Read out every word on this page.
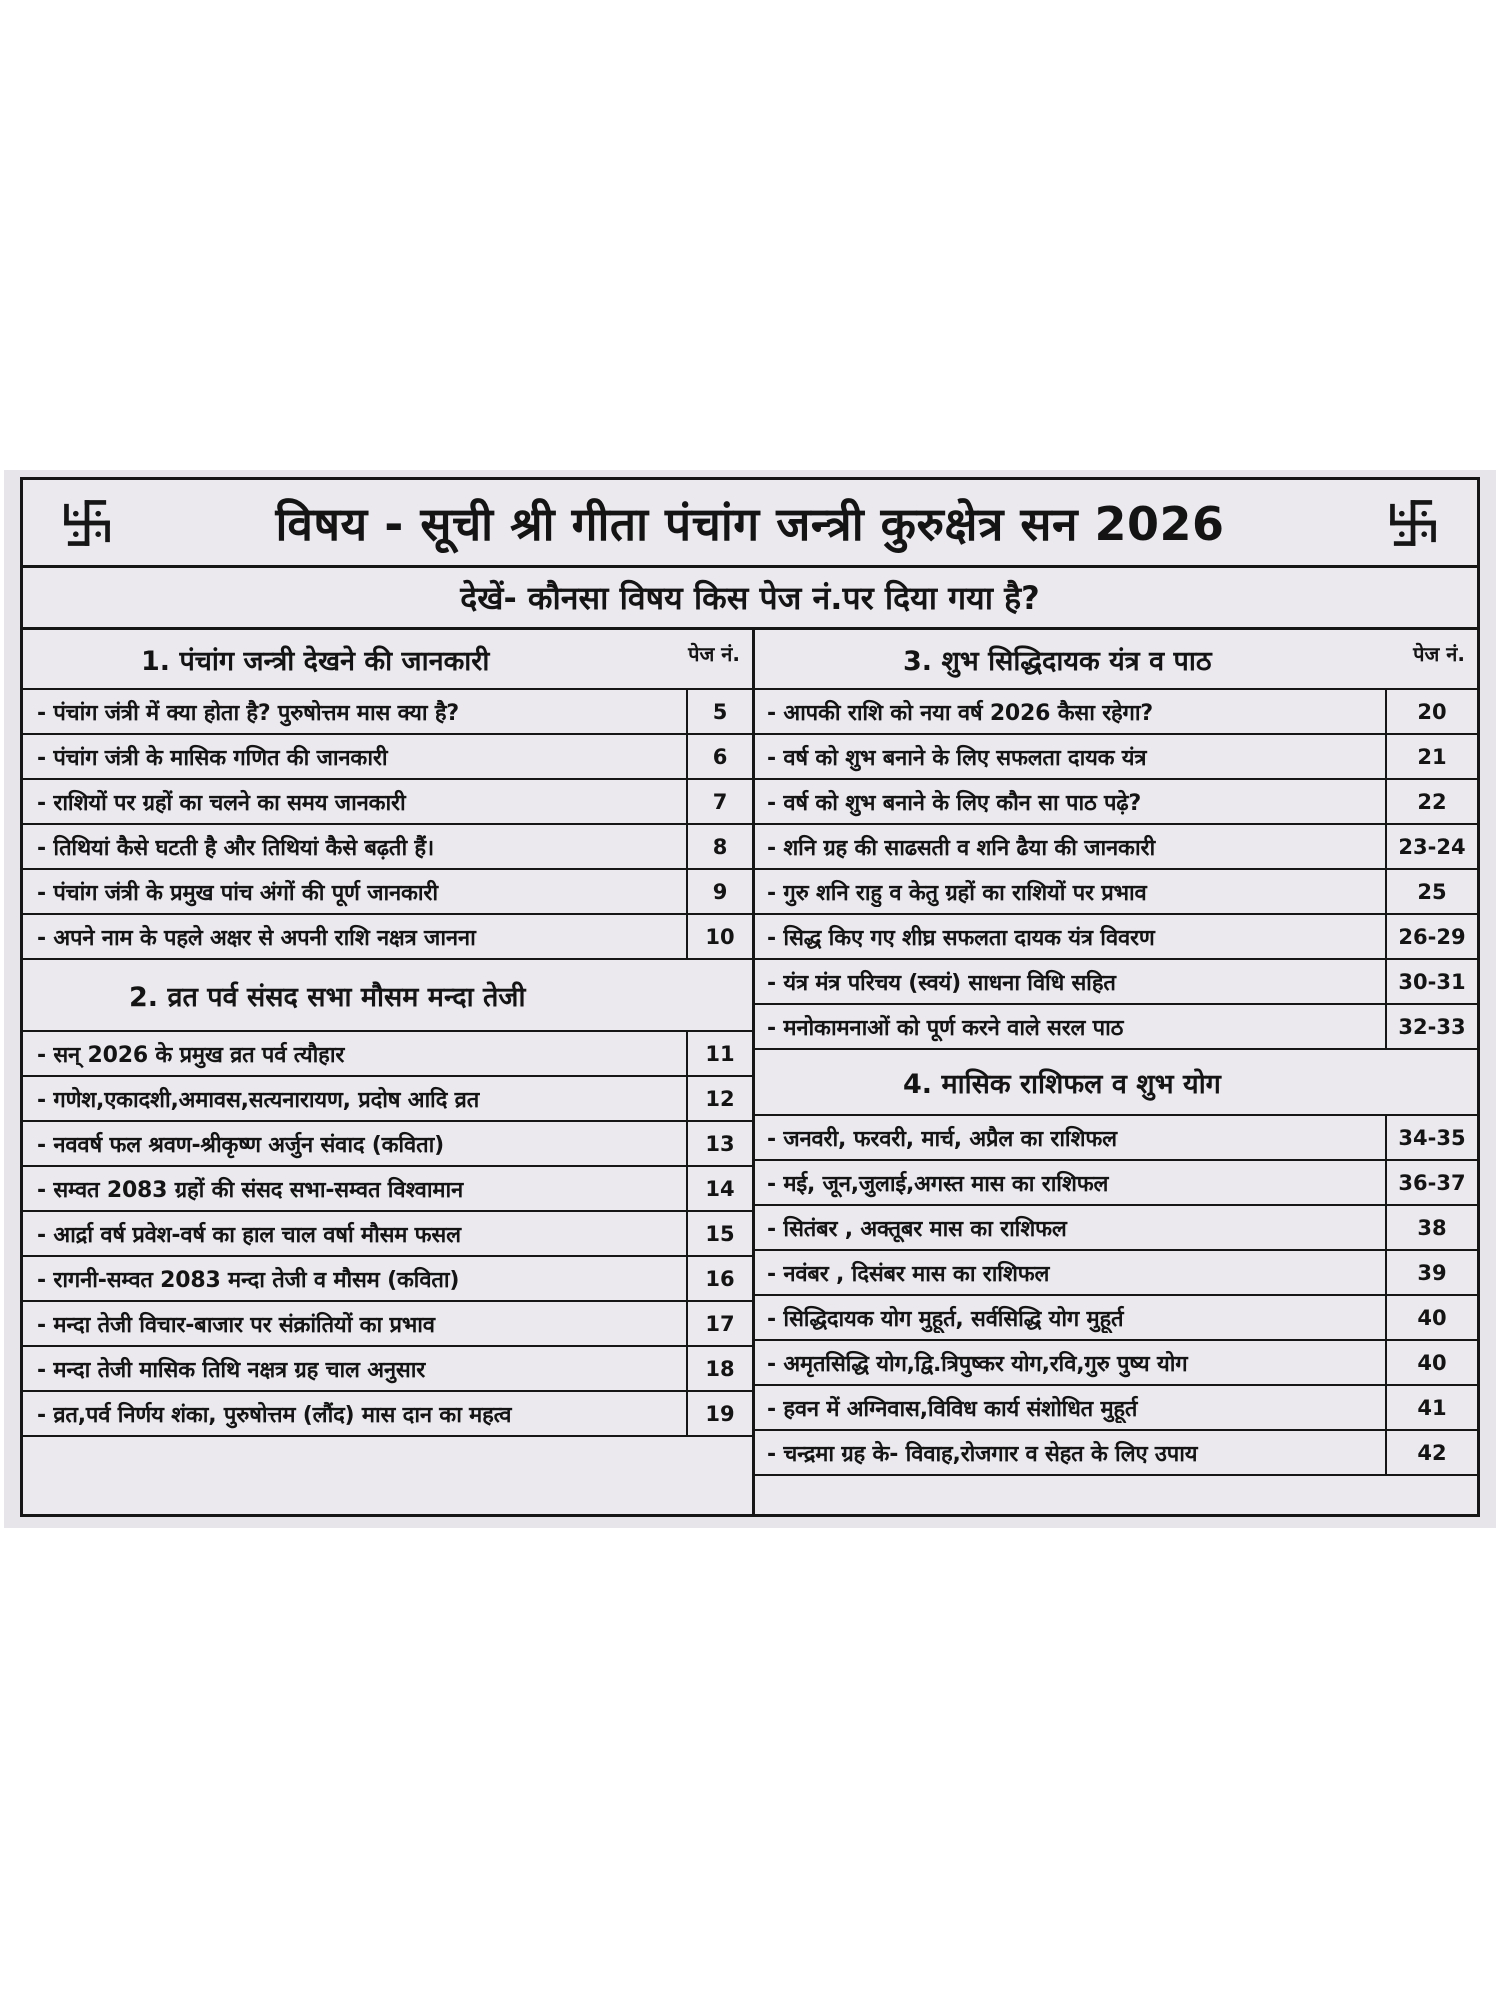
विषय - सूची श्री गीता पंचांग जन्त्री कुरुक्षेत्र सन 2026
देखें- कौनसा विषय किस पेज नं.पर दिया गया है?
1. पंचांग जन्त्री देखने की जानकारी	पेज नं.
- पंचांग जंत्री में क्या होता है? पुरुषोत्तम मास क्या है?	5
- पंचांग जंत्री के मासिक गणित की जानकारी	6
- राशियों पर ग्रहों का चलने का समय जानकारी	7
- तिथियां कैसे घटती है और तिथियां कैसे बढ़ती हैं।	8
- पंचांग जंत्री के प्रमुख पांच अंगों की पूर्ण जानकारी	9
- अपने नाम के पहले अक्षर से अपनी राशि नक्षत्र जानना	10
2. व्रत पर्व संसद सभा मौसम मन्दा तेजी
- सन् 2026 के प्रमुख व्रत पर्व त्यौहार	11
- गणेश,एकादशी,अमावस,सत्यनारायण, प्रदोष आदि व्रत	12
- नववर्ष फल श्रवण-श्रीकृष्ण अर्जुन संवाद (कविता)	13
- सम्वत 2083 ग्रहों की संसद सभा-सम्वत विश्वामान	14
- आर्द्रा वर्ष प्रवेश-वर्ष का हाल चाल वर्षा मौसम फसल	15
- रागनी-सम्वत 2083 मन्दा तेजी व मौसम (कविता)	16
- मन्दा तेजी विचार-बाजार पर संक्रांतियों का प्रभाव	17
- मन्दा तेजी मासिक तिथि नक्षत्र ग्रह चाल अनुसार	18
- व्रत,पर्व निर्णय शंका, पुरुषोत्तम (लौंद) मास दान का महत्व	19
3. शुभ सिद्धिदायक यंत्र व पाठ	पेज नं.
- आपकी राशि को नया वर्ष 2026 कैसा रहेगा?	20
- वर्ष को शुभ बनाने के लिए सफलता दायक यंत्र	21
- वर्ष को शुभ बनाने के लिए कौन सा पाठ पढ़े?	22
- शनि ग्रह की साढसती व शनि ढैया की जानकारी	23-24
- गुरु शनि राहु व केतु ग्रहों का राशियों पर प्रभाव	25
- सिद्ध किए गए शीघ्र सफलता दायक यंत्र विवरण	26-29
- यंत्र मंत्र परिचय (स्वयं) साधना विधि सहित	30-31
- मनोकामनाओं को पूर्ण करने वाले सरल पाठ	32-33
4. मासिक राशिफल व शुभ योग
- जनवरी, फरवरी, मार्च, अप्रैल का राशिफल	34-35
- मई, जून,जुलाई,अगस्त मास का राशिफल	36-37
- सितंबर , अक्तूबर मास का राशिफल	38
- नवंबर , दिसंबर मास का राशिफल	39
- सिद्धिदायक योग मुहूर्त, सर्वसिद्धि योग मुहूर्त	40
- अमृतसिद्धि योग,द्वि.त्रिपुष्कर योग,रवि,गुरु पुष्य योग	40
- हवन में अग्निवास,विविध कार्य संशोधित मुहूर्त	41
- चन्द्रमा ग्रह के- विवाह,रोजगार व सेहत के लिए उपाय	42
